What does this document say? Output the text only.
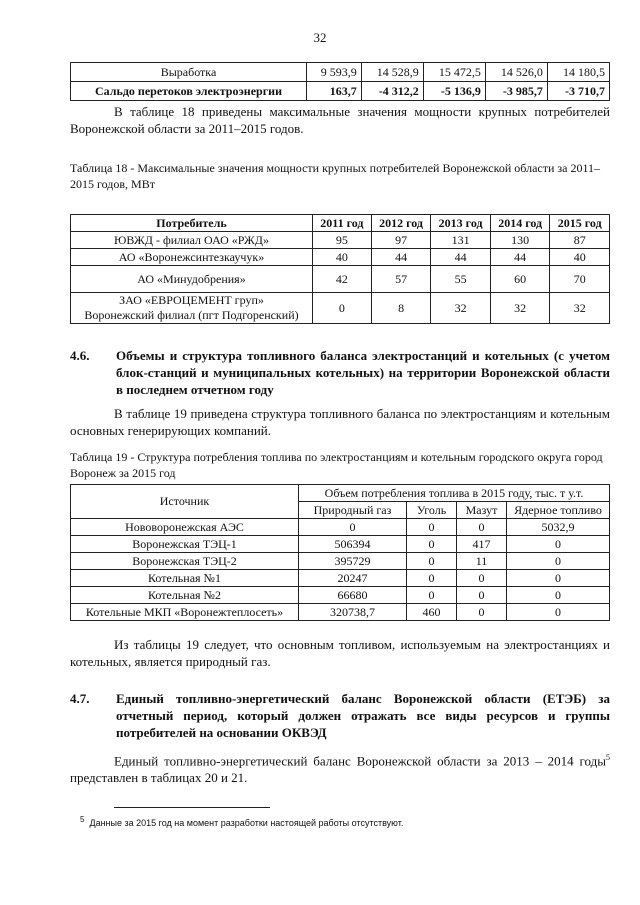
32
Выработка	9 593,9	14 528,9	15 472,5	14 526,0	14 180,5
Сальдо перетоков электроэнергии	163,7	-4 312,2	-5 136,9	-3 985,7	-3 710,7

В таблице 18 приведены максимальные значения мощности крупных потребителей Воронежской области за 2011–2015 годов.

Таблица 18 - Максимальные значения мощности крупных потребителей Воронежской области за 2011–2015 годов, МВт
Потребитель	2011 год	2012 год	2013 год	2014 год	2015 год
ЮВЖД - филиал ОАО «РЖД»	95	97	131	130	87
АО «Воронежсинтезкаучук»	40	44	44	44	40
АО «Минудобрения»	42	57	55	60	70
ЗАО «ЕВРОЦЕМЕНТ груп»
Воронежский филиал (пгт Подгоренский)	0	8	32	32	32
4.6. Объемы и структура топливного баланса электростанций и котельных (с учетом блок-станций и муниципальных котельных) на территории Воронежской области в последнем отчетном году

В таблице 19 приведена структура топливного баланса по электростанциям и котельным основных генерирующих компаний.

Таблица 19 - Структура потребления топлива по электростанциям и котельным городского округа город Воронеж за 2015 год
Источник	Объем потребления топлива в 2015 году, тыс. т у.т.			
	Природный газ	Уголь	Мазут	Ядерное топливо
Нововоронежская АЭС	0	0	0	5032,9
Воронежская ТЭЦ-1	506394	0	417	0
Воронежская ТЭЦ-2	395729	0	11	0
Котельная №1	20247	0	0	0
Котельная №2	66680	0	0	0
Котельные МКП «Воронежтеплосеть»	320738,7	460	0	0

Из таблицы 19 следует, что основным топливом, используемым на электростанциях и котельных, является природный газ.

4.7. Единый топливно-энергетический баланс Воронежской области (ЕТЭБ) за отчетный период, который должен отражать все виды ресурсов и группы потребителей на основании ОКВЭД

Единый топливно-энергетический баланс Воронежской области за 2013 – 2014 годы$^5$ представлен в таблицах 20 и 21.

$^5$ Данные за 2015 год на момент разработки настоящей работы отсутствуют.
